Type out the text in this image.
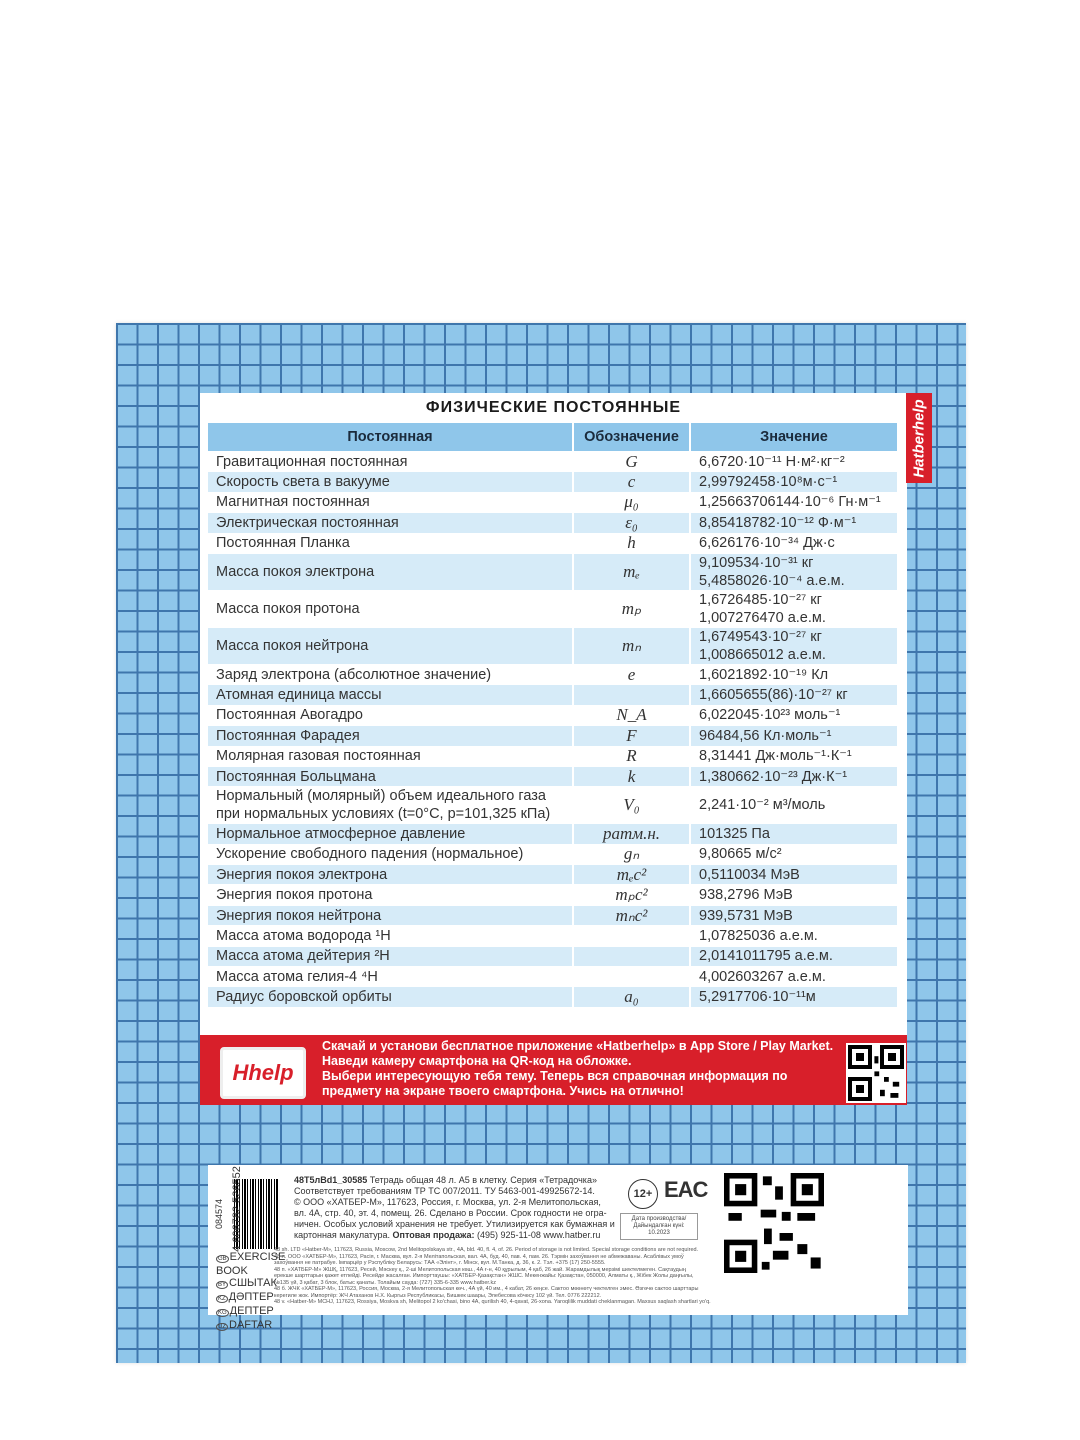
ФИЗИЧЕСКИЕ ПОСТОЯННЫЕ
Постоянная	Обозначение	Значение

Гравитационная постоянная	G	6,6720·10⁻¹¹ Н·м²·кг⁻²

Скорость света в вакууме	c	2,99792458·10⁸м·с⁻¹

Магнитная постоянная	μ₀	1,25663706144·10⁻⁶ Гн·м⁻¹

Электрическая постоянная	ε₀	8,85418782·10⁻¹² Ф·м⁻¹

Постоянная Планка	h	6,626176·10⁻³⁴ Дж·с

Масса покоя электрона	mₑ	9,109534·10⁻³¹ кг
5,4858026·10⁻⁴ а.е.м.

Масса покоя протона	mₚ	1,6726485·10⁻²⁷ кг
1,007276470 а.е.м.

Масса покоя нейтрона	mₙ	1,6749543·10⁻²⁷ кг
1,008665012 а.е.м.

Заряд электрона (абсолютное значение)	e	1,6021892·10⁻¹⁹ Кл

Атомная единица массы		1,6605655(86)·10⁻²⁷ кг

Постоянная Авогадро	N_A	6,022045·10²³ моль⁻¹

Постоянная Фарадея	F	96484,56 Кл·моль⁻¹

Молярная газовая постоянная	R	8,31441 Дж·моль⁻¹·К⁻¹

Постоянная Больцмана	k	1,380662·10⁻²³ Дж·К⁻¹

Нормальный (молярный) объем идеального газа
при нормальных условиях (t=0°С, p=101,325 кПа)	V₀	2,241·10⁻² м³/моль

Нормальное атмосферное давление	pатм.н.	101325 Па

Ускорение свободного падения (нормальное)	gₙ	9,80665 м/с²

Энергия покоя электрона	mₑc²	0,5110034 МэВ

Энергия покоя протона	mₚc²	938,2796 МэВ

Энергия покоя нейтрона	mₙc²	939,5731 МэВ

Масса атома водорода ¹H		1,07825036 а.е.м.

Масса атома дейтерия ²H		2,0141011795 а.е.м.

Масса атома гелия-4 ⁴H		4,002603267 а.е.м.

Радиус боровской орбиты	a₀	5,2917706·10⁻¹¹м
Hatberhelp
Hhelp
Скачай и установи бесплатное приложение «Hatberhelp» в App Store / Play Market.
Наведи камеру смартфона на QR-код на обложке.
Выбери интересующую тебя тему. Теперь вся справочная информация по
предмету на экране твоего смартфона. Учись на отлично!
084574 4 606782 526552
GB EXERCISE BOOK
BY СШЫТАК
KZ ДӘПТЕР
KG ДЕПТЕР
UZ DAFTAR
48Т5лВd1_30585 Тетрадь общая 48 л. А5 в клетку. Серия «Тетрадочка»
Соответствует требованиям ТР ТС 007/2011. ТУ 5463-001-49925672-14.
© ООО «ХАТБЕР-М», 117623, Россия, г. Москва, ул. 2-я Мелитопольская,
вл. 4А, стр. 40, эт. 4, помещ. 26. Сделано в России. Срок годности не огра-
ничен. Особых условий хранения не требует. Утилизируется как бумажная и
картонная макулатура. Оптовая продажа: (495) 925-11-08 www.hatber.ru
12+ EAC
Дата производства/ Дайындалған күні:
10.2023
48 sh. LTD «Hatber-M», 117623, Russia, Moscow, 2nd Melitopolskaya str., 4A, bld. 40, fl. 4, of. 26. Period of storage is not limited. Special storage conditions are not required.
48 л. ООО «ХАТБЕР-М», 117623, Расія, г. Масква, вул. 2-я Мелітапольская, вал. 4А, буд. 40, пав. 4, пам. 26. Тэрмін захоўвання не абмежаваны. Асаблівых умоў
захоўвання не патрабуе. Імпарцёр у Рэспубліку Беларусь: ТАА «Элінт», г. Мінск, вул. М.Танка, д. 36, к. 2. Тэл. +375 (17) 250-5555.
48 п. «ХАТБЕР-М» ЖШҚ, 117623, Ресей, Мәскеу қ., 2-ші Мелитопольская көш., 4А ғ-н, 40 құрылым, 4 қаб, 26 жай. Жарамдылық мерзімі шектелмеген. Сақтаудың
ерекше шарттарын қажет етпейді. Ресейде жасалған. Импорттаушы: «ХАТБЕР-Қазақстан» ЖШС. Мекенжайы: Қазақстан, 050000, Алматы қ., Жібек Жолы даңғылы,
№135 үй, 3 қабат, 3 блок, батыс қанаты. Толайым сауда: (727) 335-6-335 www.hatber.kz
48 б. ЖЧК «ХАТБЕР-М», 117623, Россия, Москва, 2-я Мелитопольская көч., 4А үй, 40 им., 4 кабат, 26 кеңсе. Сактоо мөөнөтү чектелген эмес. Өзгөчө сактоо шарттары
керегиле жок. Импортёр: ЖЧ Атаханов Н.Х. Кыргыз Республикасы, Бишкек шаары, Элебесова кӧчөсү 102 үй. Тел. 0776 222212.
48 v. «Hatber-M» MCHJ, 117623, Rossiya, Moskva sh, Melitopol 2 ko'chasi, bino 4A, qurilish 40, 4-qavat, 26-xona. Yaroqlilik muddati cheklanmagan. Maxsus saqlash shartlari yo'q.
